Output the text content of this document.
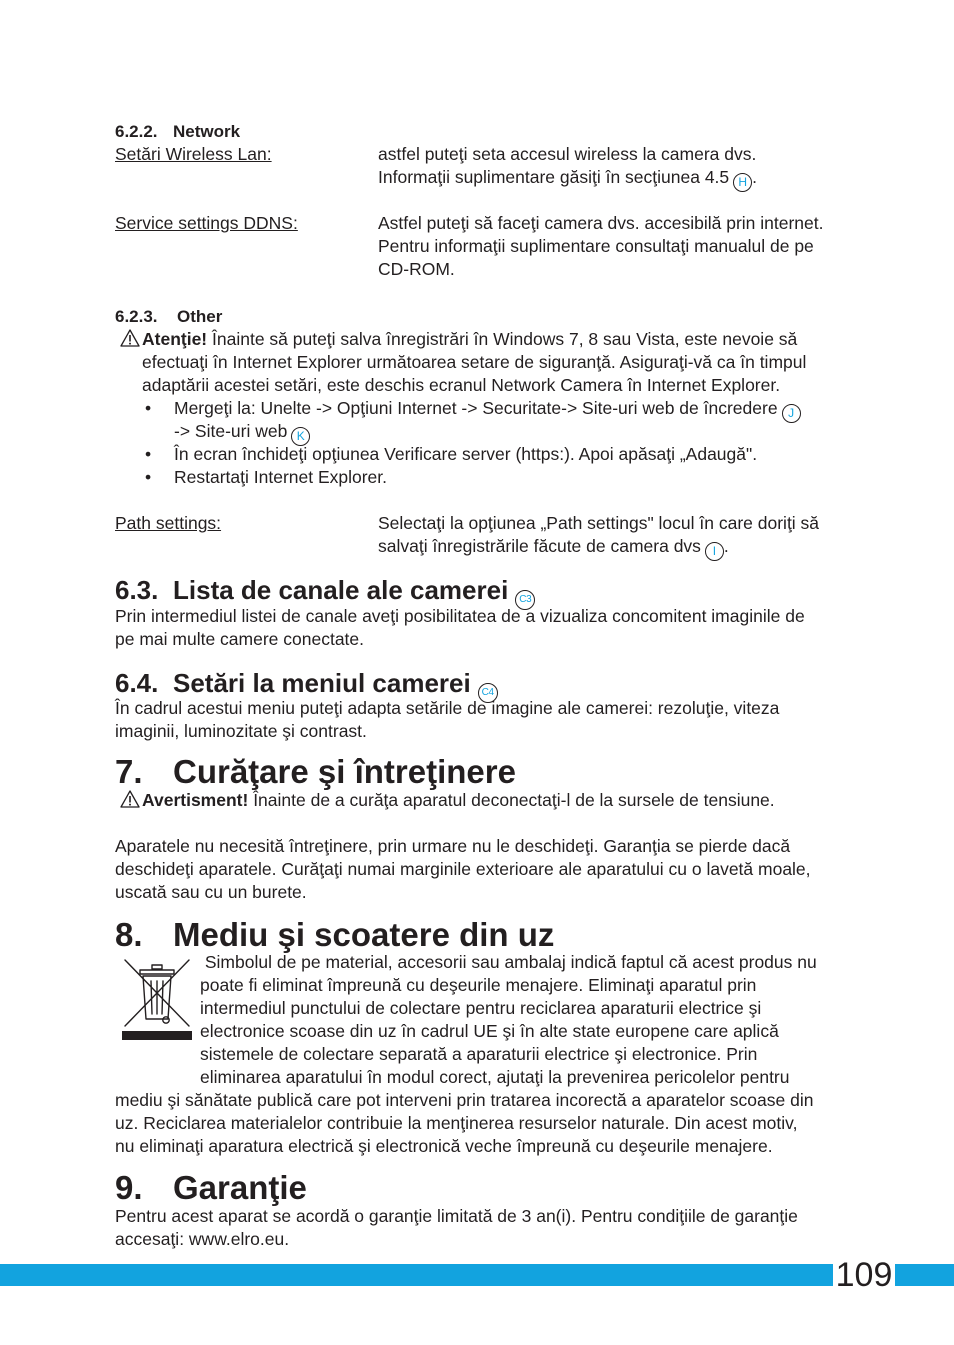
6.2.2. Network
Setări Wireless Lan:	astfel puteţi seta accesul wireless la camera dvs.
Informaţii suplimentare găsiţi în secţiunea 4.5 H .
Service settings DDNS:	Astfel puteţi să faceţi camera dvs. accesibilă prin internet.
Pentru informaţii suplimentare consultaţi manualul de pe
CD-ROM.
6.2.3. Other
Atenţie! Înainte să puteţi salva înregistrări în Windows 7, 8 sau Vista, este nevoie să
efectuaţi în Internet Explorer următoarea setare de siguranţă. Asiguraţi-vă ca în timpul
adaptării acestei setări, este deschis ecranul Network Camera în Internet Explorer.
• Mergeţi la: Unelte -> Opţiuni Internet -> Securitate-> Site-uri web de încredere J
-> Site-uri web K
• În ecran închideţi opţiunea Verificare server (https:). Apoi apăsaţi „Adaugă".
• Restartaţi Internet Explorer.
Path settings:	Selectaţi la opţiunea „Path settings" locul în care doriţi să
salvaţi înregistrările făcute de camera dvs I .
6.3. Lista de canale ale camerei C3
Prin intermediul listei de canale aveţi posibilitatea de a vizualiza concomitent imaginile de
pe mai multe camere conectate.
6.4. Setări la meniul camerei C4
În cadrul acestui meniu puteţi adapta setările de imagine ale camerei: rezoluţie, viteza
imaginii, luminozitate şi contrast.
7. Curăţare şi întreţinere
Avertisment! Înainte de a curăţa aparatul deconectaţi-l de la sursele de tensiune.
Aparatele nu necesită întreţinere, prin urmare nu le deschideţi. Garanţia se pierde dacă
deschideţi aparatele. Curăţaţi numai marginile exterioare ale aparatului cu o lavetă moale,
uscată sau cu un burete.
8. Mediu şi scoatere din uz
Simbolul de pe material, accesorii sau ambalaj indică faptul că acest produs nu
poate fi eliminat împreună cu deşeurile menajere. Eliminaţi aparatul prin
intermediul punctului de colectare pentru reciclarea aparaturii electrice şi
electronice scoase din uz în cadrul UE şi în alte state europene care aplică
sistemele de colectare separată a aparaturii electrice şi electronice. Prin
eliminarea aparatului în modul corect, ajutaţi la prevenirea pericolelor pentru
mediu şi sănătate publică care pot interveni prin tratarea incorectă a aparatelor scoase din
uz. Reciclarea materialelor contribuie la menţinerea resurselor naturale. Din acest motiv,
nu eliminaţi aparatura electrică şi electronică veche împreună cu deşeurile menajere.
9. Garanţie
Pentru acest aparat se acordă o garanţie limitată de 3 an(i). Pentru condiţiile de garanţie
accesaţi: www.elro.eu.
109
